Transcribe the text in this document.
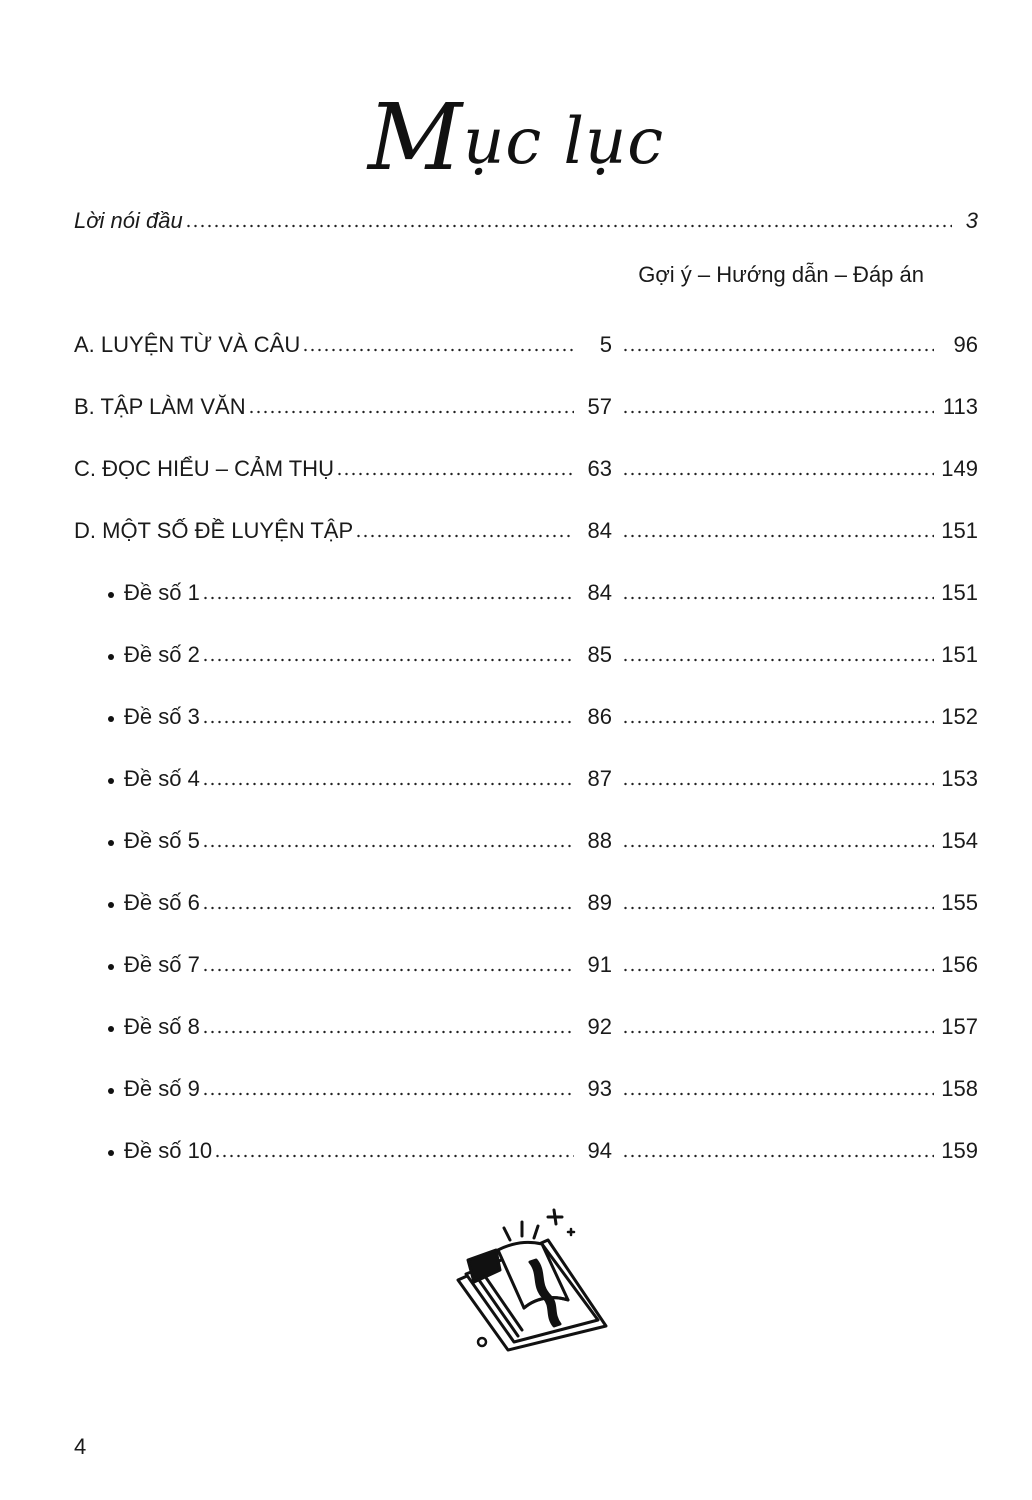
Mục lục
Lời nói đầu	3
Gợi ý – Hướng dẫn – Đáp án
A. LUYỆN TỪ VÀ CÂU	5	96
B. TẬP LÀM VĂN	57	113
C. ĐỌC HIỂU – CẢM THỤ	63	149
D. MỘT SỐ ĐỀ LUYỆN TẬP	84	151
Đề số 1	84	151
Đề số 2	85	151
Đề số 3	86	152
Đề số 4	87	153
Đề số 5	88	154
Đề số 6	89	155
Đề số 7	91	156
Đề số 8	92	157
Đề số 9	93	158
Đề số 10	94	159
4
